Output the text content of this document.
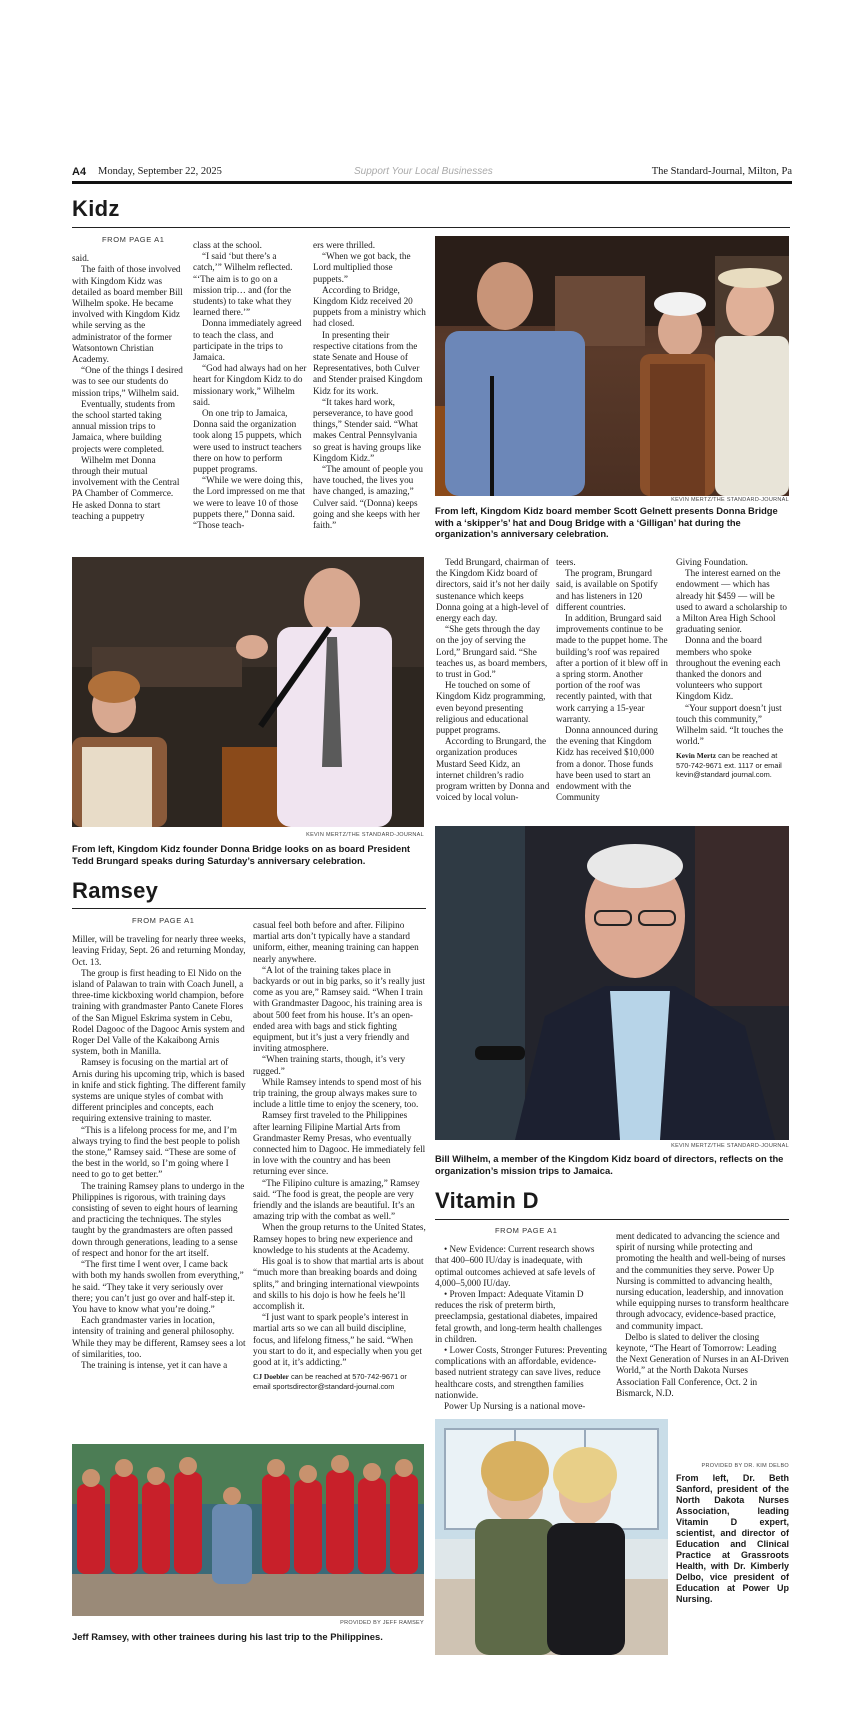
A4 Monday, September 22, 2025	Support Your Local Businesses	The Standard-Journal, Milton, Pa
Kidz
FROM PAGE A1

said.

The faith of those involved with Kingdom Kidz was detailed as board member Bill Wilhelm spoke. He became involved with Kingdom Kidz while serving as the administrator of the former Watsontown Christian Academy.

“One of the things I desired was to see our students do mission trips,” Wilhelm said.

Eventually, students from the school started taking annual mission trips to Jamaica, where building projects were completed.

Wilhelm met Donna through their mutual involvement with the Central PA Chamber of Commerce. He asked Donna to start teaching a puppetry

class at the school.

“I said ‘but there’s a catch,’” Wilhelm reflected. “‘The aim is to go on a mission trip… and (for the students) to take what they learned there.’”

Donna immediately agreed to teach the class, and participate in the trips to Jamaica.

“God had always had on her heart for Kingdom Kidz to do missionary work,” Wilhelm said.

On one trip to Jamaica, Donna said the organization took along 15 puppets, which were used to instruct teachers there on how to perform puppet programs.

“While we were doing this, the Lord impressed on me that we were to leave 10 of those puppets there,” Donna said. “Those teach-

ers were thrilled.

“When we got back, the Lord multiplied those puppets.”

According to Bridge, Kingdom Kidz received 20 puppets from a ministry which had closed.

In presenting their respective citations from the state Senate and House of Representatives, both Culver and Stender praised Kingdom Kidz for its work.

“It takes hard work, perseverance, to have good things,” Stender said. “What makes Central Pennsylvania so great is having groups like Kingdom Kidz.”

“The amount of people you have touched, the lives you have changed, is amazing,” Culver said. “(Donna) keeps going and she keeps with her faith.”

KEVIN MERTZ/THE STANDARD-JOURNAL
From left, Kingdom Kidz board member Scott Gelnett presents Donna Bridge with a ‘skipper’s’ hat and Doug Bridge with a ‘Gilligan’ hat during the organization’s anniversary celebration.
KEVIN MERTZ/THE STANDARD-JOURNAL
From left, Kingdom Kidz founder Donna Bridge looks on as board President Tedd Brungard speaks during Saturday’s anniversary celebration.

Tedd Brungard, chairman of the Kingdom Kidz board of directors, said it’s not her daily sustenance which keeps Donna going at a high-level of energy each day.

“She gets through the day on the joy of serving the Lord,” Brungard said. “She teaches us, as board members, to trust in God.”

He touched on some of Kingdom Kidz programming, even beyond presenting religious and educational puppet programs.

According to Brungard, the organization produces Mustard Seed Kidz, an internet children’s radio program written by Donna and voiced by local volun-

teers.

The program, Brungard said, is available on Spotify and has listeners in 120 different countries.

In addition, Brungard said improvements continue to be made to the puppet home. The building’s roof was repaired after a portion of it blew off in a spring storm. Another portion of the roof was recently painted, with that work carrying a 15-year warranty.

Donna announced during the evening that Kingdom Kidz has received $10,000 from a donor. Those funds have been used to start an endowment with the Community

Giving Foundation.

The interest earned on the endowment — which has already hit $459 — will be used to award a scholarship to a Milton Area High School graduating senior.

Donna and the board members who spoke throughout the evening each thanked the donors and volunteers who support Kingdom Kidz.

“Your support doesn’t just touch this community,” Wilhelm said. “It touches the world.”

Kevin Mertz can be reached at 570-742-9671 ext. 1117 or email kevin@standard journal.com.
KEVIN MERTZ/THE STANDARD-JOURNAL
Bill Wilhelm, a member of the Kingdom Kidz board of directors, reflects on the organization’s mission trips to Jamaica.
Ramsey
FROM PAGE A1

Miller, will be traveling for nearly three weeks, leaving Friday, Sept. 26 and returning Monday, Oct. 13.

The group is first heading to El Nido on the island of Palawan to train with Coach Junell, a three-time kickboxing world champion, before training with grandmaster Panto Canete Flores of the San Miguel Eskrima system in Cebu, Rodel Dagooc of the Dagooc Arnis system and Roger Del Valle of the Kakaibong Arnis system, both in Manilla.

Ramsey is focusing on the martial art of Arnis during his upcoming trip, which is based in knife and stick fighting. The different family systems are unique styles of combat with different principles and concepts, each requiring extensive training to master.

“This is a lifelong process for me, and I’m always trying to find the best people to polish the stone,” Ramsey said. “These are some of the best in the world, so I’m going where I need to go to get better.”

The training Ramsey plans to undergo in the Philippines is rigorous, with training days consisting of seven to eight hours of learning and practicing the techniques. The styles taught by the grandmasters are often passed down through generations, leading to a sense of respect and honor for the art itself.

“The first time I went over, I came back with both my hands swollen from everything,” he said. “They take it very seriously over there; you can’t just go over and half-step it. You have to know what you’re doing.”

Each grandmaster varies in location, intensity of training and general philosophy. While they may be different, Ramsey sees a lot of similarities, too.

The training is intense, yet it can have a

casual feel both before and after. Filipino martial arts don’t typically have a standard uniform, either, meaning training can happen nearly anywhere.

“A lot of the training takes place in backyards or out in big parks, so it’s really just come as you are,” Ramsey said. “When I train with Grandmaster Dagooc, his training area is about 500 feet from his house. It’s an open-ended area with bags and stick fighting equipment, but it’s just a very friendly and inviting atmosphere.

“When training starts, though, it’s very rugged.”

While Ramsey intends to spend most of his trip training, the group always makes sure to include a little time to enjoy the scenery, too.

Ramsey first traveled to the Philippines after learning Filipine Martial Arts from Grandmaster Remy Presas, who eventually connected him to Dagooc. He immediately fell in love with the country and has been returning ever since.

“The Filipino culture is amazing,” Ramsey said. “The food is great, the people are very friendly and the islands are beautiful. It’s an amazing trip with the combat as well.”

When the group returns to the United States, Ramsey hopes to bring new experience and knowledge to his students at the Academy.

His goal is to show that martial arts is about “much more than breaking boards and doing splits,” and bringing international viewpoints and skills to his dojo is how he feels he’ll accomplish it.

“I just want to spark people’s interest in martial arts so we can all build discipline, focus, and lifelong fitness,” he said. “When you start to do it, and especially when you get good at it, it’s addicting.”

CJ Doebler can be reached at 570-742-9671 or email sportsdirector@standard-journal.com
PROVIDED BY JEFF RAMSEY
Jeff Ramsey, with other trainees during his last trip to the Philippines.
Vitamin D
FROM PAGE A1

• New Evidence: Current research shows that 400–600 IU/day is inadequate, with optimal outcomes achieved at safe levels of 4,000–5,000 IU/day.

• Proven Impact: Adequate Vitamin D reduces the risk of preterm birth, preeclampsia, gestational diabetes, impaired fetal growth, and long-term health challenges in children.

• Lower Costs, Stronger Futures: Preventing complications with an affordable, evidence-based nutrient strategy can save lives, reduce healthcare costs, and strengthen families nationwide.

Power Up Nursing is a national move-

ment dedicated to advancing the science and spirit of nursing while protecting and promoting the health and well-being of nurses and the communities they serve. Power Up Nursing is committed to advancing health, nursing education, leadership, and innovation while equipping nurses to transform healthcare through advocacy, evidence-based practice, and community impact.

Delbo is slated to deliver the closing keynote, “The Heart of Tomorrow: Leading the Next Generation of Nurses in an AI-Driven World,” at the North Dakota Nurses Association Fall Conference, Oct. 2 in Bismarck, N.D.

PROVIDED BY DR. KIM DELBO
From left, Dr. Beth Sanford, president of the North Dakota Nurses Association, leading Vitamin D expert, scientist, and director of Education and Clinical Practice at Grassroots Health, with Dr. Kimberly Delbo, vice president of Education at Power Up Nursing.
